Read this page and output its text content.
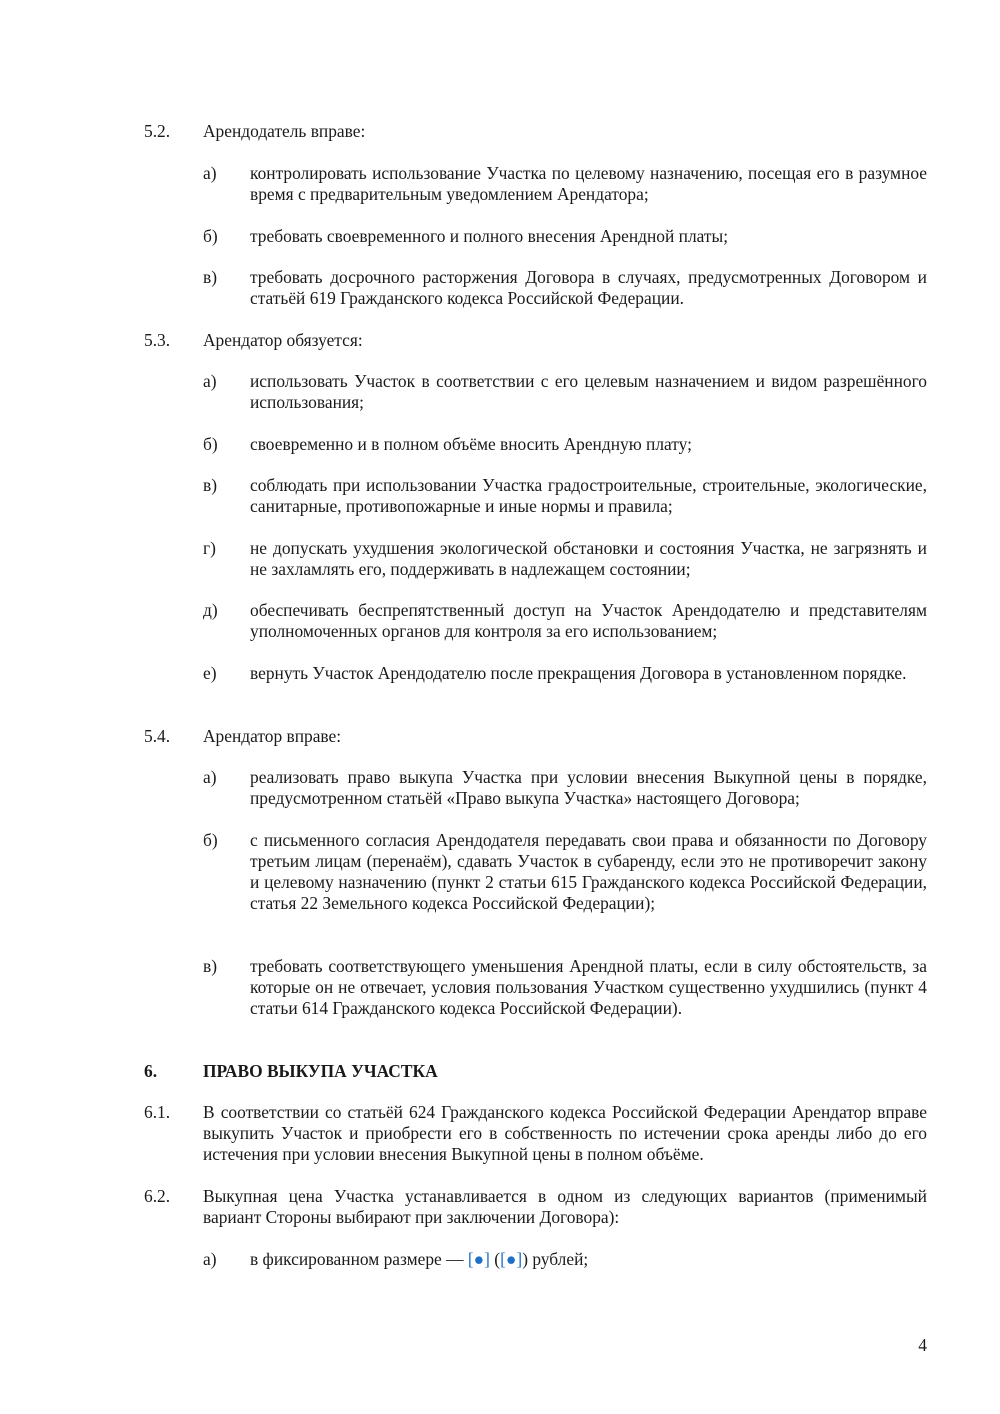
5.2. Арендодатель вправе:
а) контролировать использование Участка по целевому назначению, посещая его в разумное время с предварительным уведомлением Арендатора;
б) требовать своевременного и полного внесения Арендной платы;
в) требовать досрочного расторжения Договора в случаях, предусмотренных Договором и статьёй 619 Гражданского кодекса Российской Федерации.
5.3. Арендатор обязуется:
а) использовать Участок в соответствии с его целевым назначением и видом разрешённого использования;
б) своевременно и в полном объёме вносить Арендную плату;
в) соблюдать при использовании Участка градостроительные, строительные, экологические, санитарные, противопожарные и иные нормы и правила;
г) не допускать ухудшения экологической обстановки и состояния Участка, не загрязнять и не захламлять его, поддерживать в надлежащем состоянии;
д) обеспечивать беспрепятственный доступ на Участок Арендодателю и представителям уполномоченных органов для контроля за его использованием;
е) вернуть Участок Арендодателю после прекращения Договора в установленном порядке.
5.4. Арендатор вправе:
а) реализовать право выкупа Участка при условии внесения Выкупной цены в порядке, предусмотренном статьёй «Право выкупа Участка» настоящего Договора;
б) с письменного согласия Арендодателя передавать свои права и обязанности по Договору третьим лицам (перенаём), сдавать Участок в субаренду, если это не противоречит закону и целевому назначению (пункт 2 статьи 615 Гражданского кодекса Российской Федерации, статья 22 Земельного кодекса Российской Федерации);
в) требовать соответствующего уменьшения Арендной платы, если в силу обстоятельств, за которые он не отвечает, условия пользования Участком существенно ухудшились (пункт 4 статьи 614 Гражданского кодекса Российской Федерации).
6.	ПРАВО ВЫКУПА УЧАСТКА
6.1. В соответствии со статьёй 624 Гражданского кодекса Российской Федерации Арендатор вправе выкупить Участок и приобрести его в собственность по истечении срока аренды либо до его истечения при условии внесения Выкупной цены в полном объёме.
6.2. Выкупная цена Участка устанавливается в одном из следующих вариантов (применимый вариант Стороны выбирают при заключении Договора):
а) в фиксированном размере — [●] ([●]) рублей;
4
